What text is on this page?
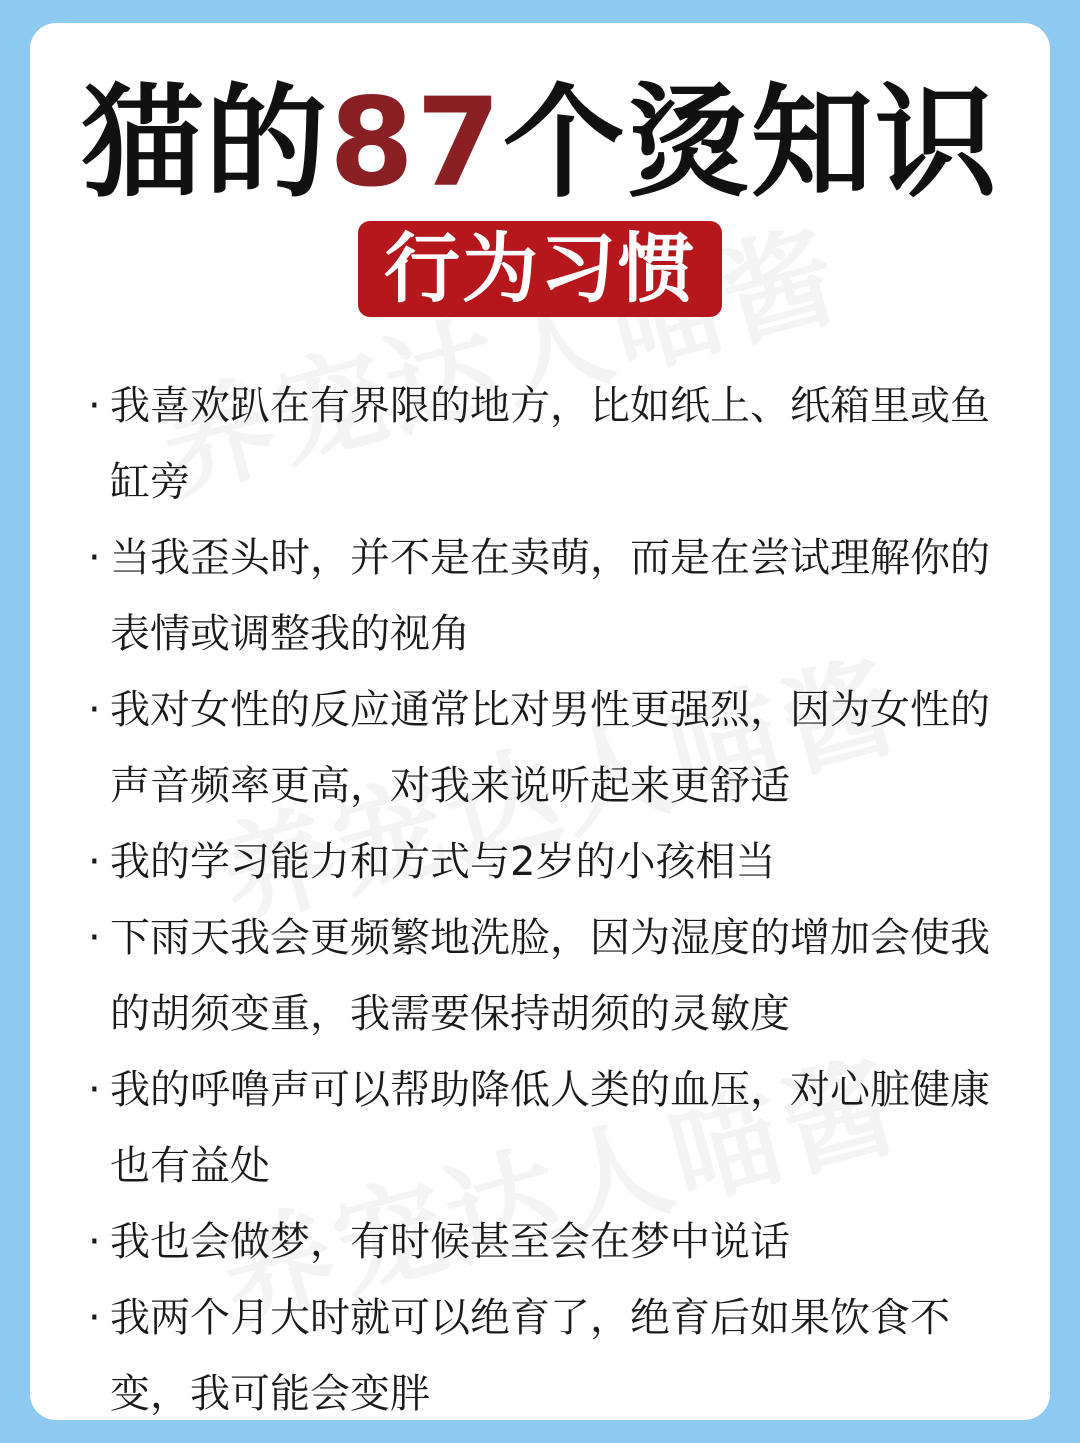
猫的87个烫知识
行为习惯
· 我喜欢趴在有界限的地方，比如纸上、纸箱里或鱼缸旁
· 当我歪头时，并不是在卖萌，而是在尝试理解你的表情或调整我的视角
· 我对女性的反应通常比对男性更强烈，因为女性的声音频率更高，对我来说听起来更舒适
· 我的学习能力和方式与2岁的小孩相当
· 下雨天我会更频繁地洗脸，因为湿度的增加会使我的胡须变重，我需要保持胡须的灵敏度
· 我的呼噜声可以帮助降低人类的血压，对心脏健康也有益处
· 我也会做梦，有时候甚至会在梦中说话
· 我两个月大时就可以绝育了，绝育后如果饮食不变，我可能会变胖
